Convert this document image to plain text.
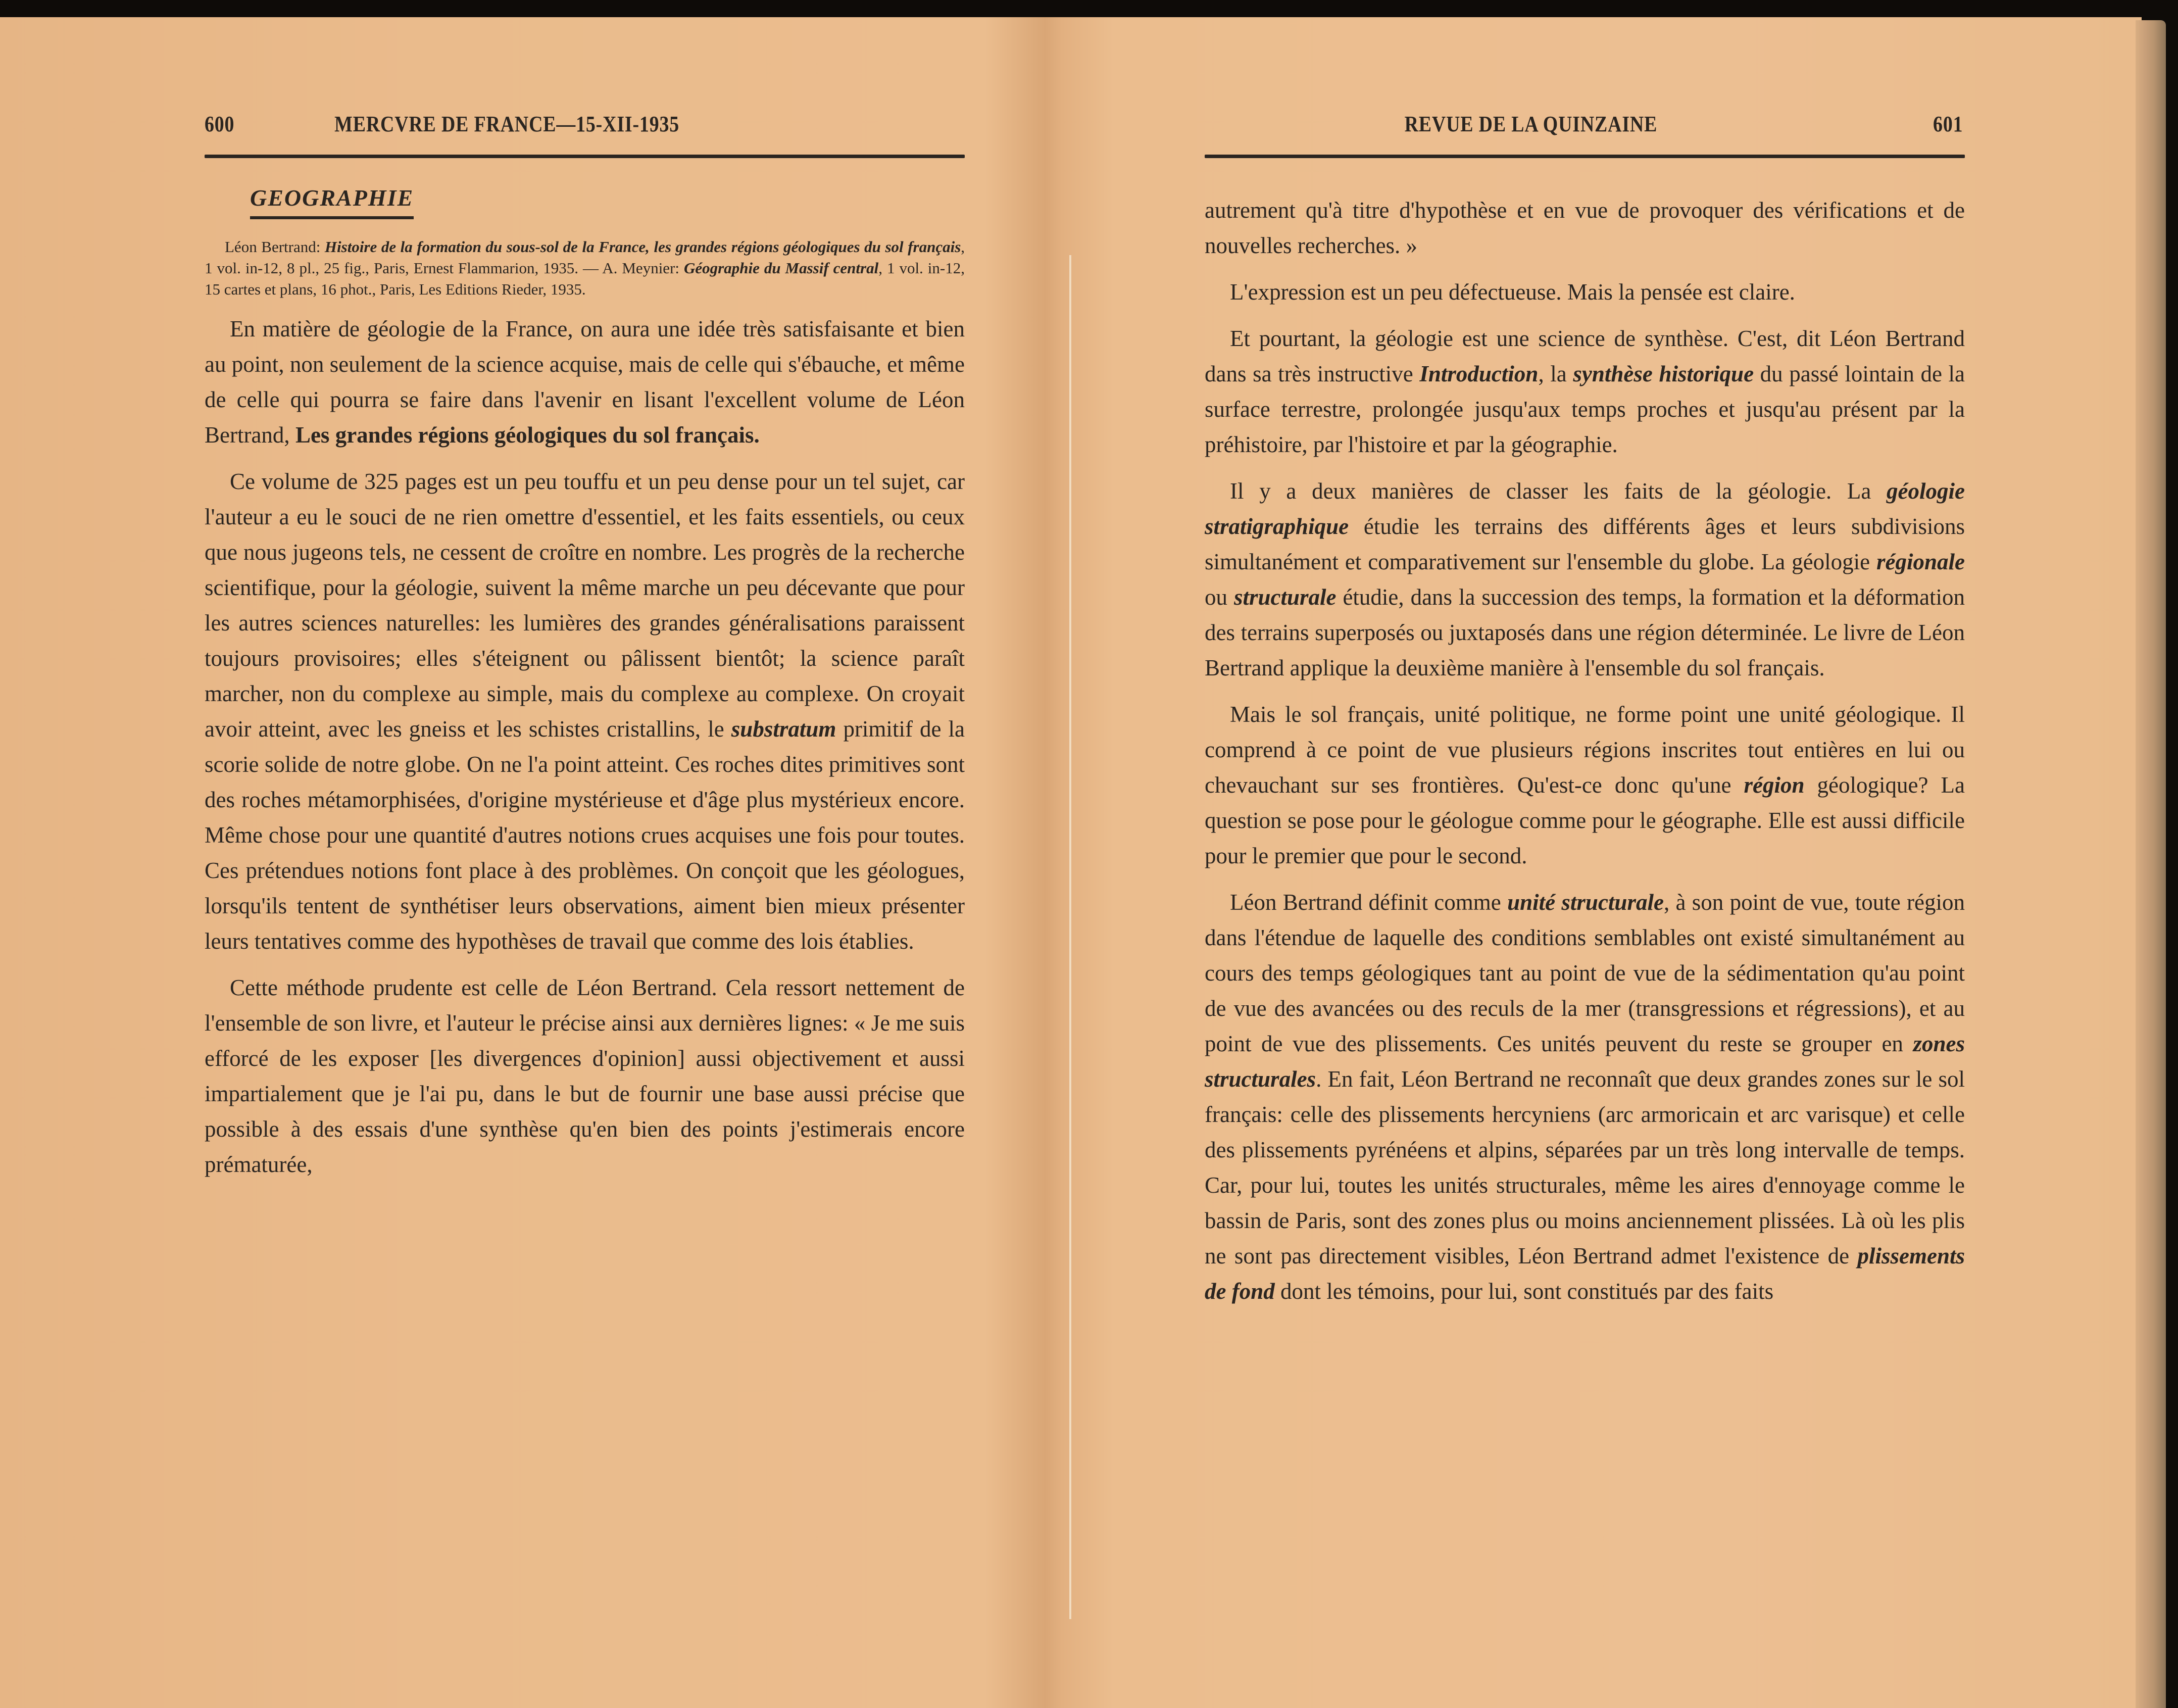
600	MERCVRE DE FRANCE—15-XII-1935
GEOGRAPHIE
Léon Bertrand: Histoire de la formation du sous-sol de la France, les grandes régions géologiques du sol français, 1 vol. in-12, 8 pl., 25 fig., Paris, Ernest Flammarion, 1935. — A. Meynier: Géographie du Massif central, 1 vol. in-12, 15 cartes et plans, 16 phot., Paris, Les Editions Rieder, 1935.

En matière de géologie de la France, on aura une idée très satisfaisante et bien au point, non seulement de la science acquise, mais de celle qui s'ébauche, et même de celle qui pourra se faire dans l'avenir en lisant l'excellent volume de Léon Bertrand, Les grandes régions géologiques du sol français.

Ce volume de 325 pages est un peu touffu et un peu dense pour un tel sujet, car l'auteur a eu le souci de ne rien omettre d'essentiel, et les faits essentiels, ou ceux que nous jugeons tels, ne cessent de croître en nombre. Les progrès de la recherche scientifique, pour la géologie, suivent la même marche un peu décevante que pour les autres sciences naturelles: les lumières des grandes généralisations paraissent toujours provisoires; elles s'éteignent ou pâlissent bientôt; la science paraît marcher, non du complexe au simple, mais du complexe au complexe. On croyait avoir atteint, avec les gneiss et les schistes cristallins, le substratum primitif de la scorie solide de notre globe. On ne l'a point atteint. Ces roches dites primitives sont des roches métamorphisées, d'origine mystérieuse et d'âge plus mystérieux encore. Même chose pour une quantité d'autres notions crues acquises une fois pour toutes. Ces prétendues notions font place à des problèmes. On conçoit que les géologues, lorsqu'ils tentent de synthétiser leurs observations, aiment bien mieux présenter leurs tentatives comme des hypothèses de travail que comme des lois établies.

Cette méthode prudente est celle de Léon Bertrand. Cela ressort nettement de l'ensemble de son livre, et l'auteur le précise ainsi aux dernières lignes: « Je me suis efforcé de les exposer [les divergences d'opinion] aussi objectivement et aussi impartialement que je l'ai pu, dans le but de fournir une base aussi précise que possible à des essais d'une synthèse qu'en bien des points j'estimerais encore prématurée,

REVUE DE LA QUINZAINE	601

autrement qu'à titre d'hypothèse et en vue de provoquer des vérifications et de nouvelles recherches. »

L'expression est un peu défectueuse. Mais la pensée est claire.

Et pourtant, la géologie est une science de synthèse. C'est, dit Léon Bertrand dans sa très instructive Introduction, la synthèse historique du passé lointain de la surface terrestre, prolongée jusqu'aux temps proches et jusqu'au présent par la préhistoire, par l'histoire et par la géographie.

Il y a deux manières de classer les faits de la géologie. La géologie stratigraphique étudie les terrains des différents âges et leurs subdivisions simultanément et comparativement sur l'ensemble du globe. La géologie régionale ou structurale étudie, dans la succession des temps, la formation et la déformation des terrains superposés ou juxtaposés dans une région déterminée. Le livre de Léon Bertrand applique la deuxième manière à l'ensemble du sol français.

Mais le sol français, unité politique, ne forme point une unité géologique. Il comprend à ce point de vue plusieurs régions inscrites tout entières en lui ou chevauchant sur ses frontières. Qu'est-ce donc qu'une région géologique? La question se pose pour le géologue comme pour le géographe. Elle est aussi difficile pour le premier que pour le second.

Léon Bertrand définit comme unité structurale, à son point de vue, toute région dans l'étendue de laquelle des conditions semblables ont existé simultanément au cours des temps géologiques tant au point de vue de la sédimentation qu'au point de vue des avancées ou des reculs de la mer (transgressions et régressions), et au point de vue des plissements. Ces unités peuvent du reste se grouper en zones structurales. En fait, Léon Bertrand ne reconnaît que deux grandes zones sur le sol français: celle des plissements hercyniens (arc armoricain et arc varisque) et celle des plissements pyrénéens et alpins, séparées par un très long intervalle de temps. Car, pour lui, toutes les unités structurales, même les aires d'ennoyage comme le bassin de Paris, sont des zones plus ou moins anciennement plissées. Là où les plis ne sont pas directement visibles, Léon Bertrand admet l'existence de plissements de fond dont les témoins, pour lui, sont constitués par des faits
